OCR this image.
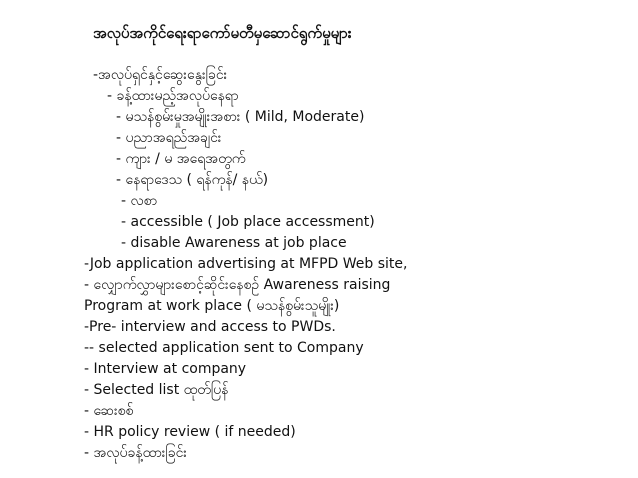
အလုပ်အကိုင်ရေးရာကော်မတီမှဆောင်ရွက်မှုများ
-အလုပ်ရှင်နှင့်ဆွေးနွေးခြင်း
- ခန့်ထားမည့်အလုပ်နေရာ
- မသန်စွမ်းမှုအမျိုးအစား ( Mild, Moderate)
- ပညာအရည်အချင်း
- ကျား / မ အရေအတွက်
- နေရာဒေသ ( ရန်ကုန်/ နယ်)
- လစာ
- accessible ( Job place accessment)
- disable Awareness at job place
-Job application advertising at MFPD Web site,
- လျှောက်လွှာများစောင့်ဆိုင်းနေစဉ် Awareness raising
Program at work place ( မသန်စွမ်းသူမျိုး)
-Pre- interview and access to PWDs.
-- selected application sent to Company
- Interview at company
- Selected list ထုတ်ပြန်
- ဆေးစစ်
- HR policy review ( if needed)
- အလုပ်ခန့်ထားခြင်း
